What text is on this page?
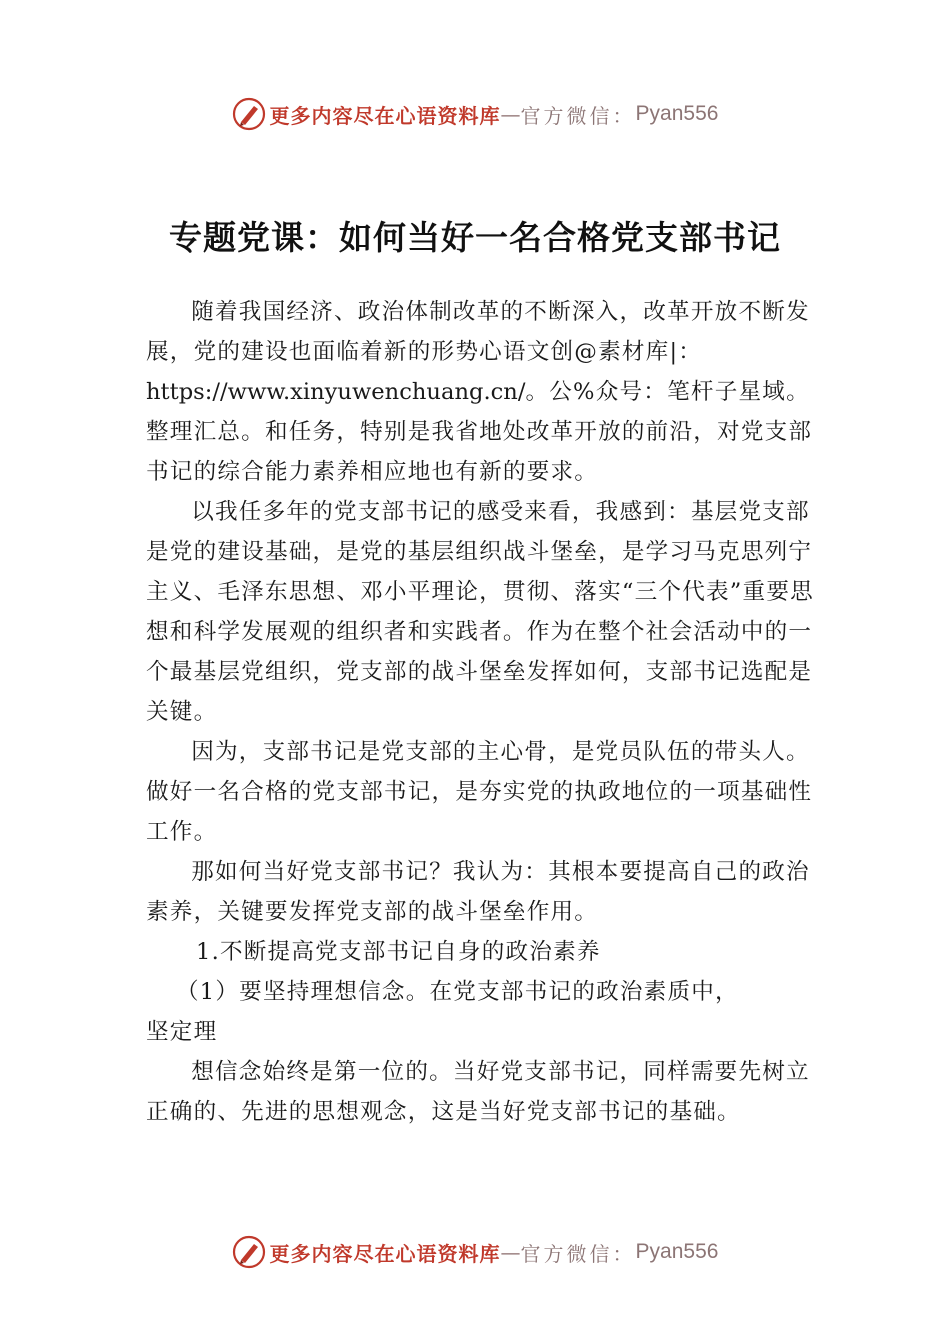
更多内容尽在心语资料库 — 官方微信： Pyan556
专题党课：如何当好一名合格党支部书记

随着我国经济、政治体制改革的不断深入，改革开放不断发展，党的建设也面临着新的形势心语文创@素材库|：https://www.xinyuwenchuang.cn/。公%众号：笔杆子星域。整理汇总。和任务，特别是我省地处改革开放的前沿，对党支部书记的综合能力素养相应地也有新的要求。

以我任多年的党支部书记的感受来看，我感到：基层党支部是党的建设基础，是党的基层组织战斗堡垒，是学习马克思列宁主义、毛泽东思想、邓小平理论，贯彻、落实“三个代表”重要思想和科学发展观的组织者和实践者。作为在整个社会活动中的一个最基层党组织，党支部的战斗堡垒发挥如何，支部书记选配是关键。

因为，支部书记是党支部的主心骨，是党员队伍的带头人。做好一名合格的党支部书记，是夯实党的执政地位的一项基础性工作。

那如何当好党支部书记？我认为：其根本要提高自己的政治素养，关键要发挥党支部的战斗堡垒作用。

1.不断提高党支部书记自身的政治素养

（1）要坚持理想信念。在党支部书记的政治素质中，

坚定理

想信念始终是第一位的。当好党支部书记，同样需要先树立正确的、先进的思想观念，这是当好党支部书记的基础。

更多内容尽在心语资料库 — 官方微信： Pyan556
